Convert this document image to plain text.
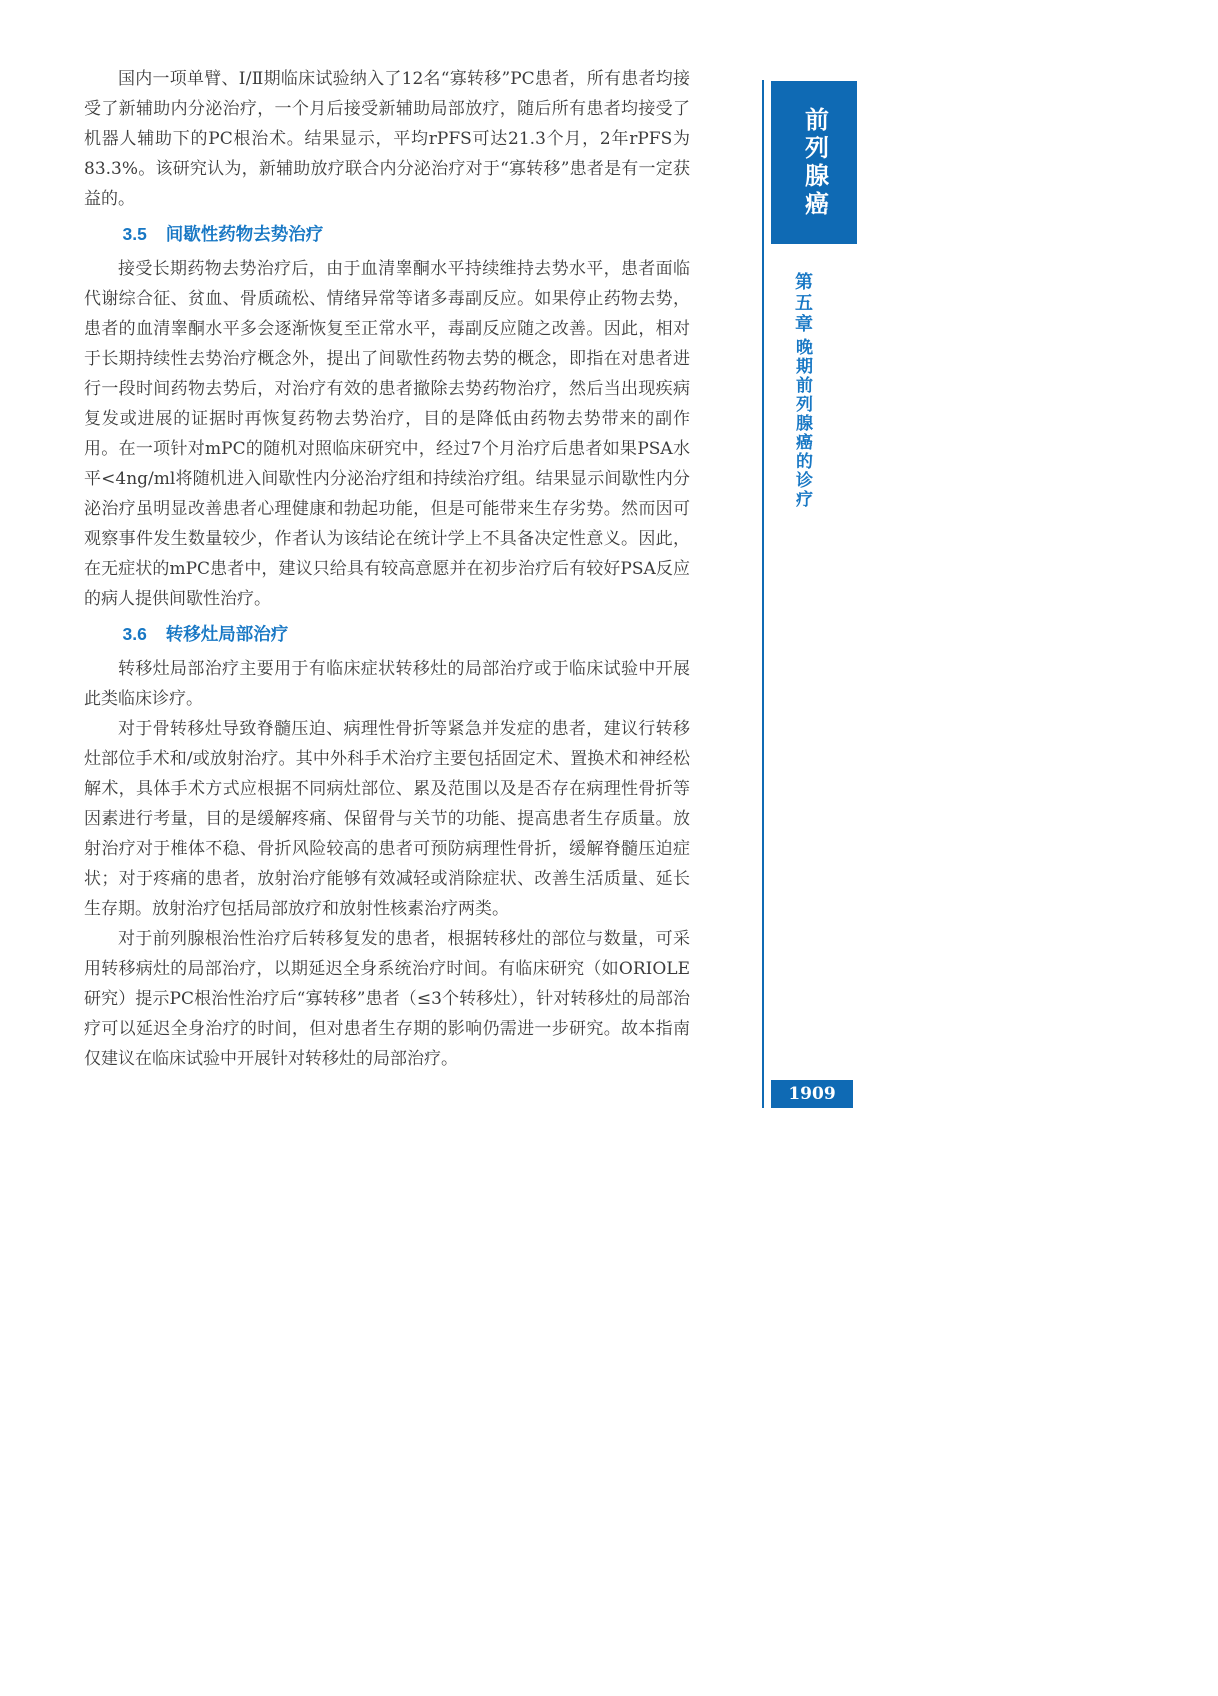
国内一项单臂、Ⅰ/Ⅱ期临床试验纳入了12名“寡转移”PC患者，所有患者均接受了新辅助内分泌治疗，一个月后接受新辅助局部放疗，随后所有患者均接受了机器人辅助下的PC根治术。结果显示，平均rPFS可达21.3个月，2年rPFS为83.3%。该研究认为，新辅助放疗联合内分泌治疗对于“寡转移”患者是有一定获益的。

3.5 间歇性药物去势治疗

接受长期药物去势治疗后，由于血清睾酮水平持续维持去势水平，患者面临代谢综合征、贫血、骨质疏松、情绪异常等诸多毒副反应。如果停止药物去势，患者的血清睾酮水平多会逐渐恢复至正常水平，毒副反应随之改善。因此，相对于长期持续性去势治疗概念外，提出了间歇性药物去势的概念，即指在对患者进行一段时间药物去势后，对治疗有效的患者撤除去势药物治疗，然后当出现疾病复发或进展的证据时再恢复药物去势治疗，目的是降低由药物去势带来的副作用。在一项针对mPC的随机对照临床研究中，经过7个月治疗后患者如果PSA水平<4ng/ml将随机进入间歇性内分泌治疗组和持续治疗组。结果显示间歇性内分泌治疗虽明显改善患者心理健康和勃起功能，但是可能带来生存劣势。然而因可观察事件发生数量较少，作者认为该结论在统计学上不具备决定性意义。因此，在无症状的mPC患者中，建议只给具有较高意愿并在初步治疗后有较好PSA反应的病人提供间歇性治疗。

3.6 转移灶局部治疗

转移灶局部治疗主要用于有临床症状转移灶的局部治疗或于临床试验中开展此类临床诊疗。

对于骨转移灶导致脊髓压迫、病理性骨折等紧急并发症的患者，建议行转移灶部位手术和/或放射治疗。其中外科手术治疗主要包括固定术、置换术和神经松解术，具体手术方式应根据不同病灶部位、累及范围以及是否存在病理性骨折等因素进行考量，目的是缓解疼痛、保留骨与关节的功能、提高患者生存质量。放射治疗对于椎体不稳、骨折风险较高的患者可预防病理性骨折，缓解脊髓压迫症状；对于疼痛的患者，放射治疗能够有效减轻或消除症状、改善生活质量、延长生存期。放射治疗包括局部放疗和放射性核素治疗两类。

对于前列腺根治性治疗后转移复发的患者，根据转移灶的部位与数量，可采用转移病灶的局部治疗，以期延迟全身系统治疗时间。有临床研究（如ORIOLE研究）提示PC根治性治疗后“寡转移”患者（≤3个转移灶），针对转移灶的局部治疗可以延迟全身治疗的时间，但对患者生存期的影响仍需进一步研究。故本指南仅建议在临床试验中开展针对转移灶的局部治疗。

前列腺癌
第五章
晚期前列腺癌的诊疗
1909
